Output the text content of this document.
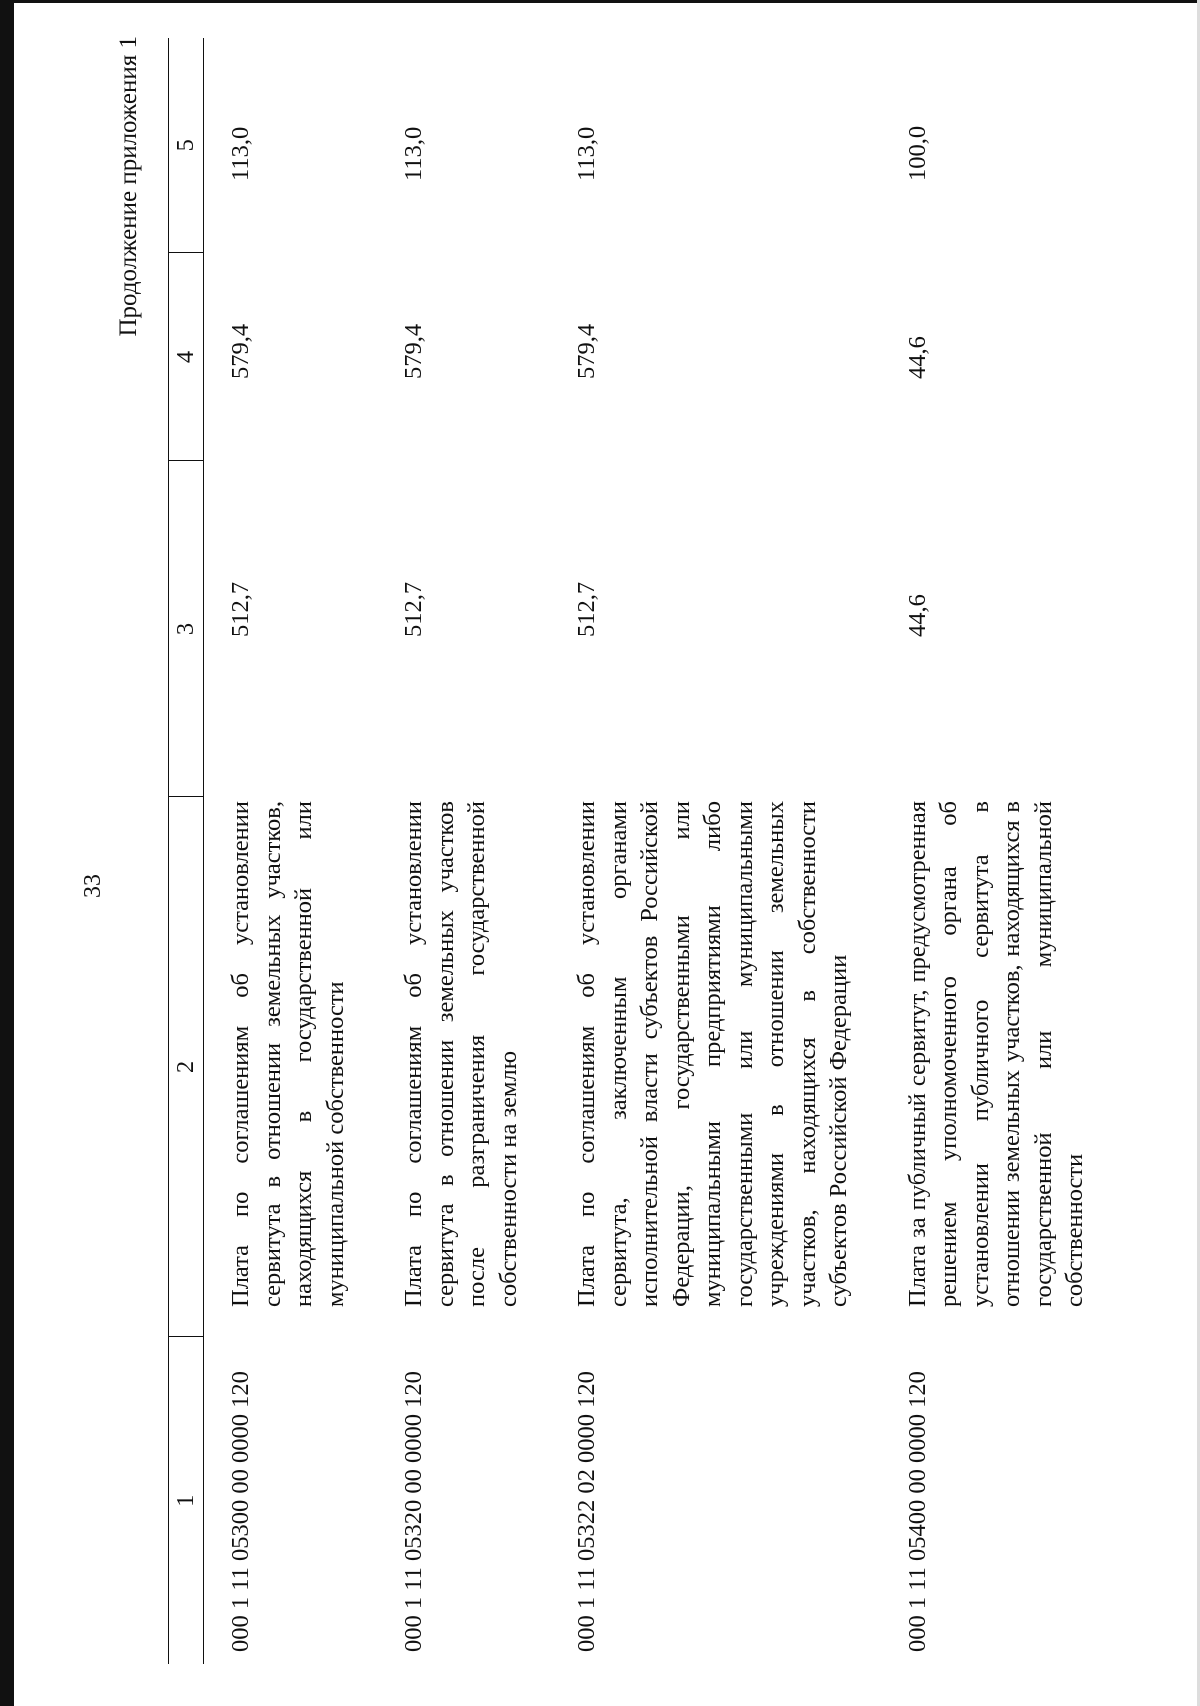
33
Продолжение приложения 1
1	2	3	4	5
000 1 11 05300 00 0000 120	Плата по соглашениям об установлении сервитута в отношении земельных участков, находящихся в государственной или муниципальной собственности	512,7	579,4	113,0
000 1 11 05320 00 0000 120	Плата по соглашениям об установлении сервитута в отношении земельных участков после разграничения государственной собственности на землю	512,7	579,4	113,0
000 1 11 05322 02 0000 120	Плата по соглашениям об установлении сервитута, заключенным органами исполнительной власти субъектов Российской Федерации, государственными или муниципальными предприятиями либо государственными или муниципальными учреждениями в отношении земельных участков, находящихся в собственности субъектов Российской Федерации	512,7	579,4	113,0
000 1 11 05400 00 0000 120	Плата за публичный сервитут, предусмотренная решением уполномоченного органа об установлении публичного сервитута в отношении земельных участков, находящихся в государственной или муниципальной собственности	44,6	44,6	100,0
